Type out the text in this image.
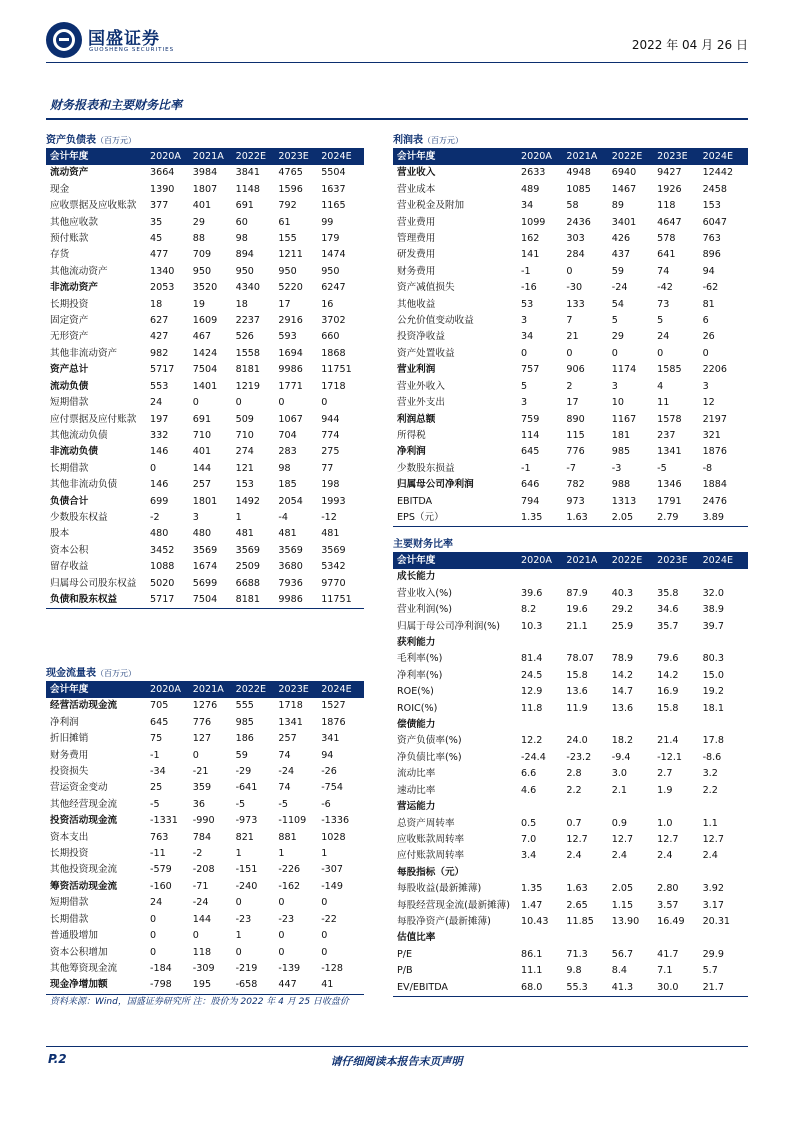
国盛证券
GUOSHENG SECURITIES	2022 年 04 月 26 日
财务报表和主要财务比率
资产负债表（百万元）
会计年度	2020A	2021A	2022E	2023E	2024E
流动资产	3664	3984	3841	4765	5504
现金	1390	1807	1148	1596	1637
应收票据及应收账款	377	401	691	792	1165
其他应收款	35	29	60	61	99
预付账款	45	88	98	155	179
存货	477	709	894	1211	1474
其他流动资产	1340	950	950	950	950
非流动资产	2053	3520	4340	5220	6247
长期投资	18	19	18	17	16
固定资产	627	1609	2237	2916	3702
无形资产	427	467	526	593	660
其他非流动资产	982	1424	1558	1694	1868
资产总计	5717	7504	8181	9986	11751
流动负债	553	1401	1219	1771	1718
短期借款	24	0	0	0	0
应付票据及应付账款	197	691	509	1067	944
其他流动负债	332	710	710	704	774
非流动负债	146	401	274	283	275
长期借款	0	144	121	98	77
其他非流动负债	146	257	153	185	198
负债合计	699	1801	1492	2054	1993
少数股东权益	-2	3	1	-4	-12
股本	480	480	481	481	481
资本公积	3452	3569	3569	3569	3569
留存收益	1088	1674	2509	3680	5342
归属母公司股东权益	5020	5699	6688	7936	9770
负债和股东权益	5717	7504	8181	9986	11751
利润表（百万元）
会计年度	2020A	2021A	2022E	2023E	2024E
营业收入	2633	4948	6940	9427	12442
营业成本	489	1085	1467	1926	2458
营业税金及附加	34	58	89	118	153
营业费用	1099	2436	3401	4647	6047
管理费用	162	303	426	578	763
研发费用	141	284	437	641	896
财务费用	-1	0	59	74	94
资产减值损失	-16	-30	-24	-42	-62
其他收益	53	133	54	73	81
公允价值变动收益	3	7	5	5	6
投资净收益	34	21	29	24	26
资产处置收益	0	0	0	0	0
营业利润	757	906	1174	1585	2206
营业外收入	5	2	3	4	3
营业外支出	3	17	10	11	12
利润总额	759	890	1167	1578	2197
所得税	114	115	181	237	321
净利润	645	776	985	1341	1876
少数股东损益	-1	-7	-3	-5	-8
归属母公司净利润	646	782	988	1346	1884
EBITDA	794	973	1313	1791	2476
EPS（元）	1.35	1.63	2.05	2.79	3.89
主要财务比率
会计年度	2020A	2021A	2022E	2023E	2024E
成长能力					
营业收入(%)	39.6	87.9	40.3	35.8	32.0
营业利润(%)	8.2	19.6	29.2	34.6	38.9
归属于母公司净利润(%)	10.3	21.1	25.9	35.7	39.7
获利能力					
毛利率(%)	81.4	78.07	78.9	79.6	80.3
净利率(%)	24.5	15.8	14.2	14.2	15.0
ROE(%)	12.9	13.6	14.7	16.9	19.2
ROIC(%)	11.8	11.9	13.6	15.8	18.1
偿债能力					
资产负债率(%)	12.2	24.0	18.2	21.4	17.8
净负债比率(%)	-24.4	-23.2	-9.4	-12.1	-8.6
流动比率	6.6	2.8	3.0	2.7	3.2
速动比率	4.6	2.2	2.1	1.9	2.2
营运能力					
总资产周转率	0.5	0.7	0.9	1.0	1.1
应收账款周转率	7.0	12.7	12.7	12.7	12.7
应付账款周转率	3.4	2.4	2.4	2.4	2.4
每股指标（元）					
每股收益(最新摊薄)	1.35	1.63	2.05	2.80	3.92
每股经营现金流(最新摊薄)	1.47	2.65	1.15	3.57	3.17
每股净资产(最新摊薄)	10.43	11.85	13.90	16.49	20.31
估值比率					
P/E	86.1	71.3	56.7	41.7	29.9
P/B	11.1	9.8	8.4	7.1	5.7
EV/EBITDA	68.0	55.3	41.3	30.0	21.7
现金流量表（百万元）
会计年度	2020A	2021A	2022E	2023E	2024E
经营活动现金流	705	1276	555	1718	1527
净利润	645	776	985	1341	1876
折旧摊销	75	127	186	257	341
财务费用	-1	0	59	74	94
投资损失	-34	-21	-29	-24	-26
营运资金变动	25	359	-641	74	-754
其他经营现金流	-5	36	-5	-5	-6
投资活动现金流	-1331	-990	-973	-1109	-1336
资本支出	763	784	821	881	1028
长期投资	-11	-2	1	1	1
其他投资现金流	-579	-208	-151	-226	-307
筹资活动现金流	-160	-71	-240	-162	-149
短期借款	24	-24	0	0	0
长期借款	0	144	-23	-23	-22
普通股增加	0	0	1	0	0
资本公积增加	0	118	0	0	0
其他筹资现金流	-184	-309	-219	-139	-128
现金净增加额	-798	195	-658	447	41
资料来源：Wind，国盛证券研究所 注：股价为 2022 年 4 月 25 日收盘价
P.2	请仔细阅读本报告末页声明
